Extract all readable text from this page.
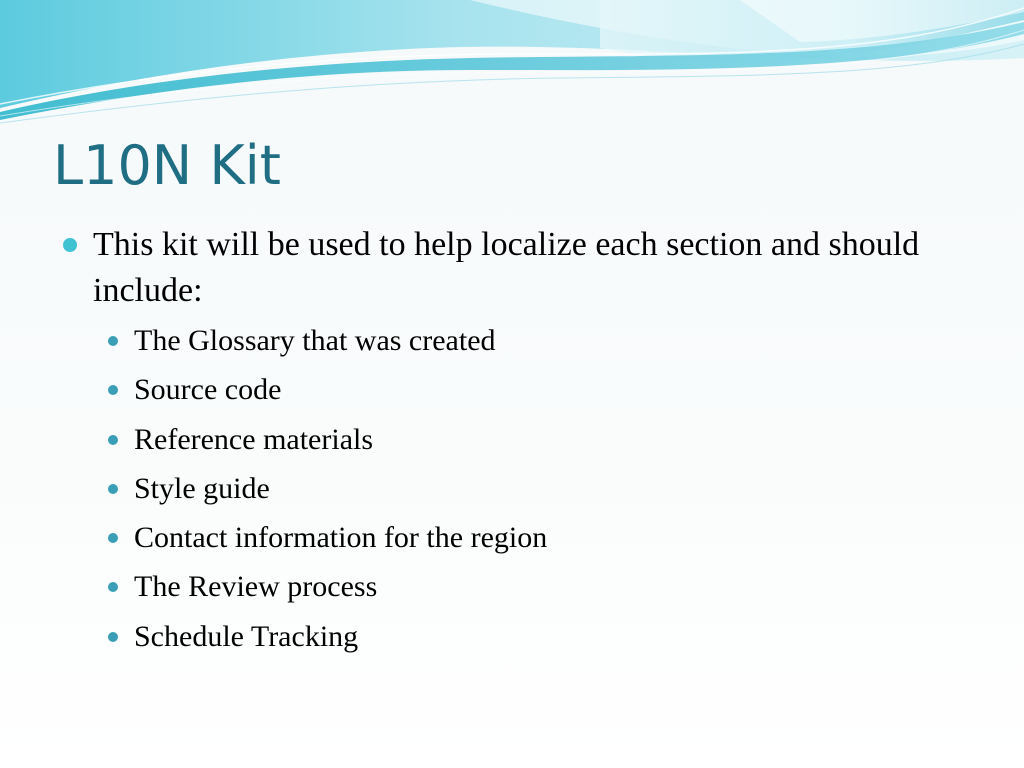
L10N Kit

This kit will be used to help localize each section and should include:

The Glossary that was created
Source code
Reference materials
Style guide
Contact information for the region
The Review process
Schedule Tracking
